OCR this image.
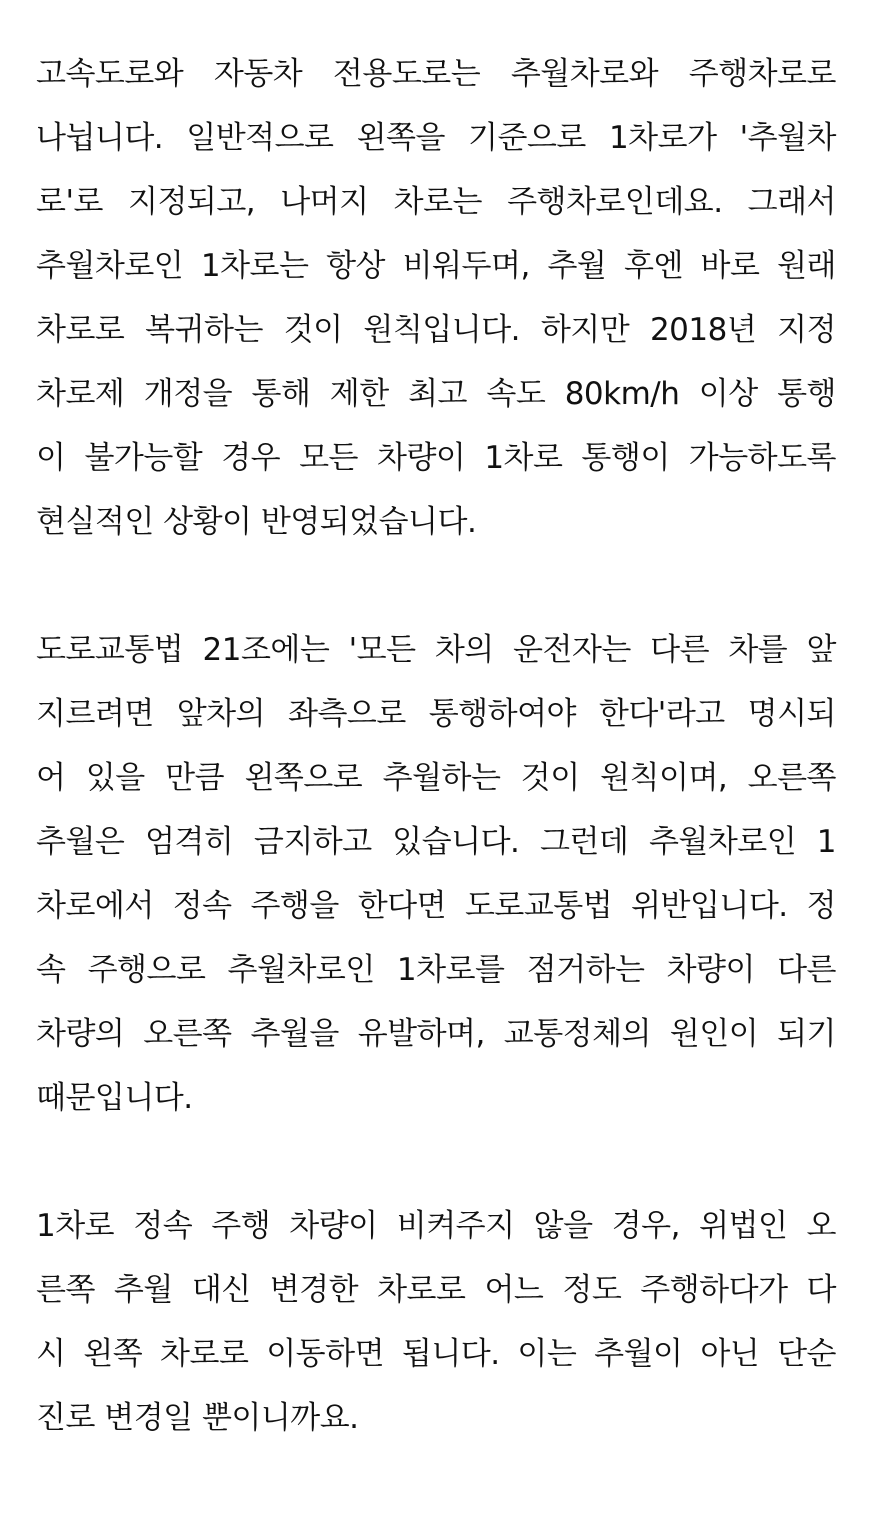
고속도로와 자동차 전용도로는 추월차로와 주행차로로
나뉩니다. 일반적으로 왼쪽을 기준으로 1차로가 '추월차
로'로 지정되고, 나머지 차로는 주행차로인데요. 그래서
추월차로인 1차로는 항상 비워두며, 추월 후엔 바로 원래
차로로 복귀하는 것이 원칙입니다. 하지만 2018년 지정
차로제 개정을 통해 제한 최고 속도 80km/h 이상 통행
이 불가능할 경우 모든 차량이 1차로 통행이 가능하도록
현실적인 상황이 반영되었습니다.
도로교통법 21조에는 '모든 차의 운전자는 다른 차를 앞
지르려면 앞차의 좌측으로 통행하여야 한다'라고 명시되
어 있을 만큼 왼쪽으로 추월하는 것이 원칙이며, 오른쪽
추월은 엄격히 금지하고 있습니다. 그런데 추월차로인 1
차로에서 정속 주행을 한다면 도로교통법 위반입니다. 정
속 주행으로 추월차로인 1차로를 점거하는 차량이 다른
차량의 오른쪽 추월을 유발하며, 교통정체의 원인이 되기
때문입니다.
1차로 정속 주행 차량이 비켜주지 않을 경우, 위법인 오
른쪽 추월 대신 변경한 차로로 어느 정도 주행하다가 다
시 왼쪽 차로로 이동하면 됩니다. 이는 추월이 아닌 단순
진로 변경일 뿐이니까요.
